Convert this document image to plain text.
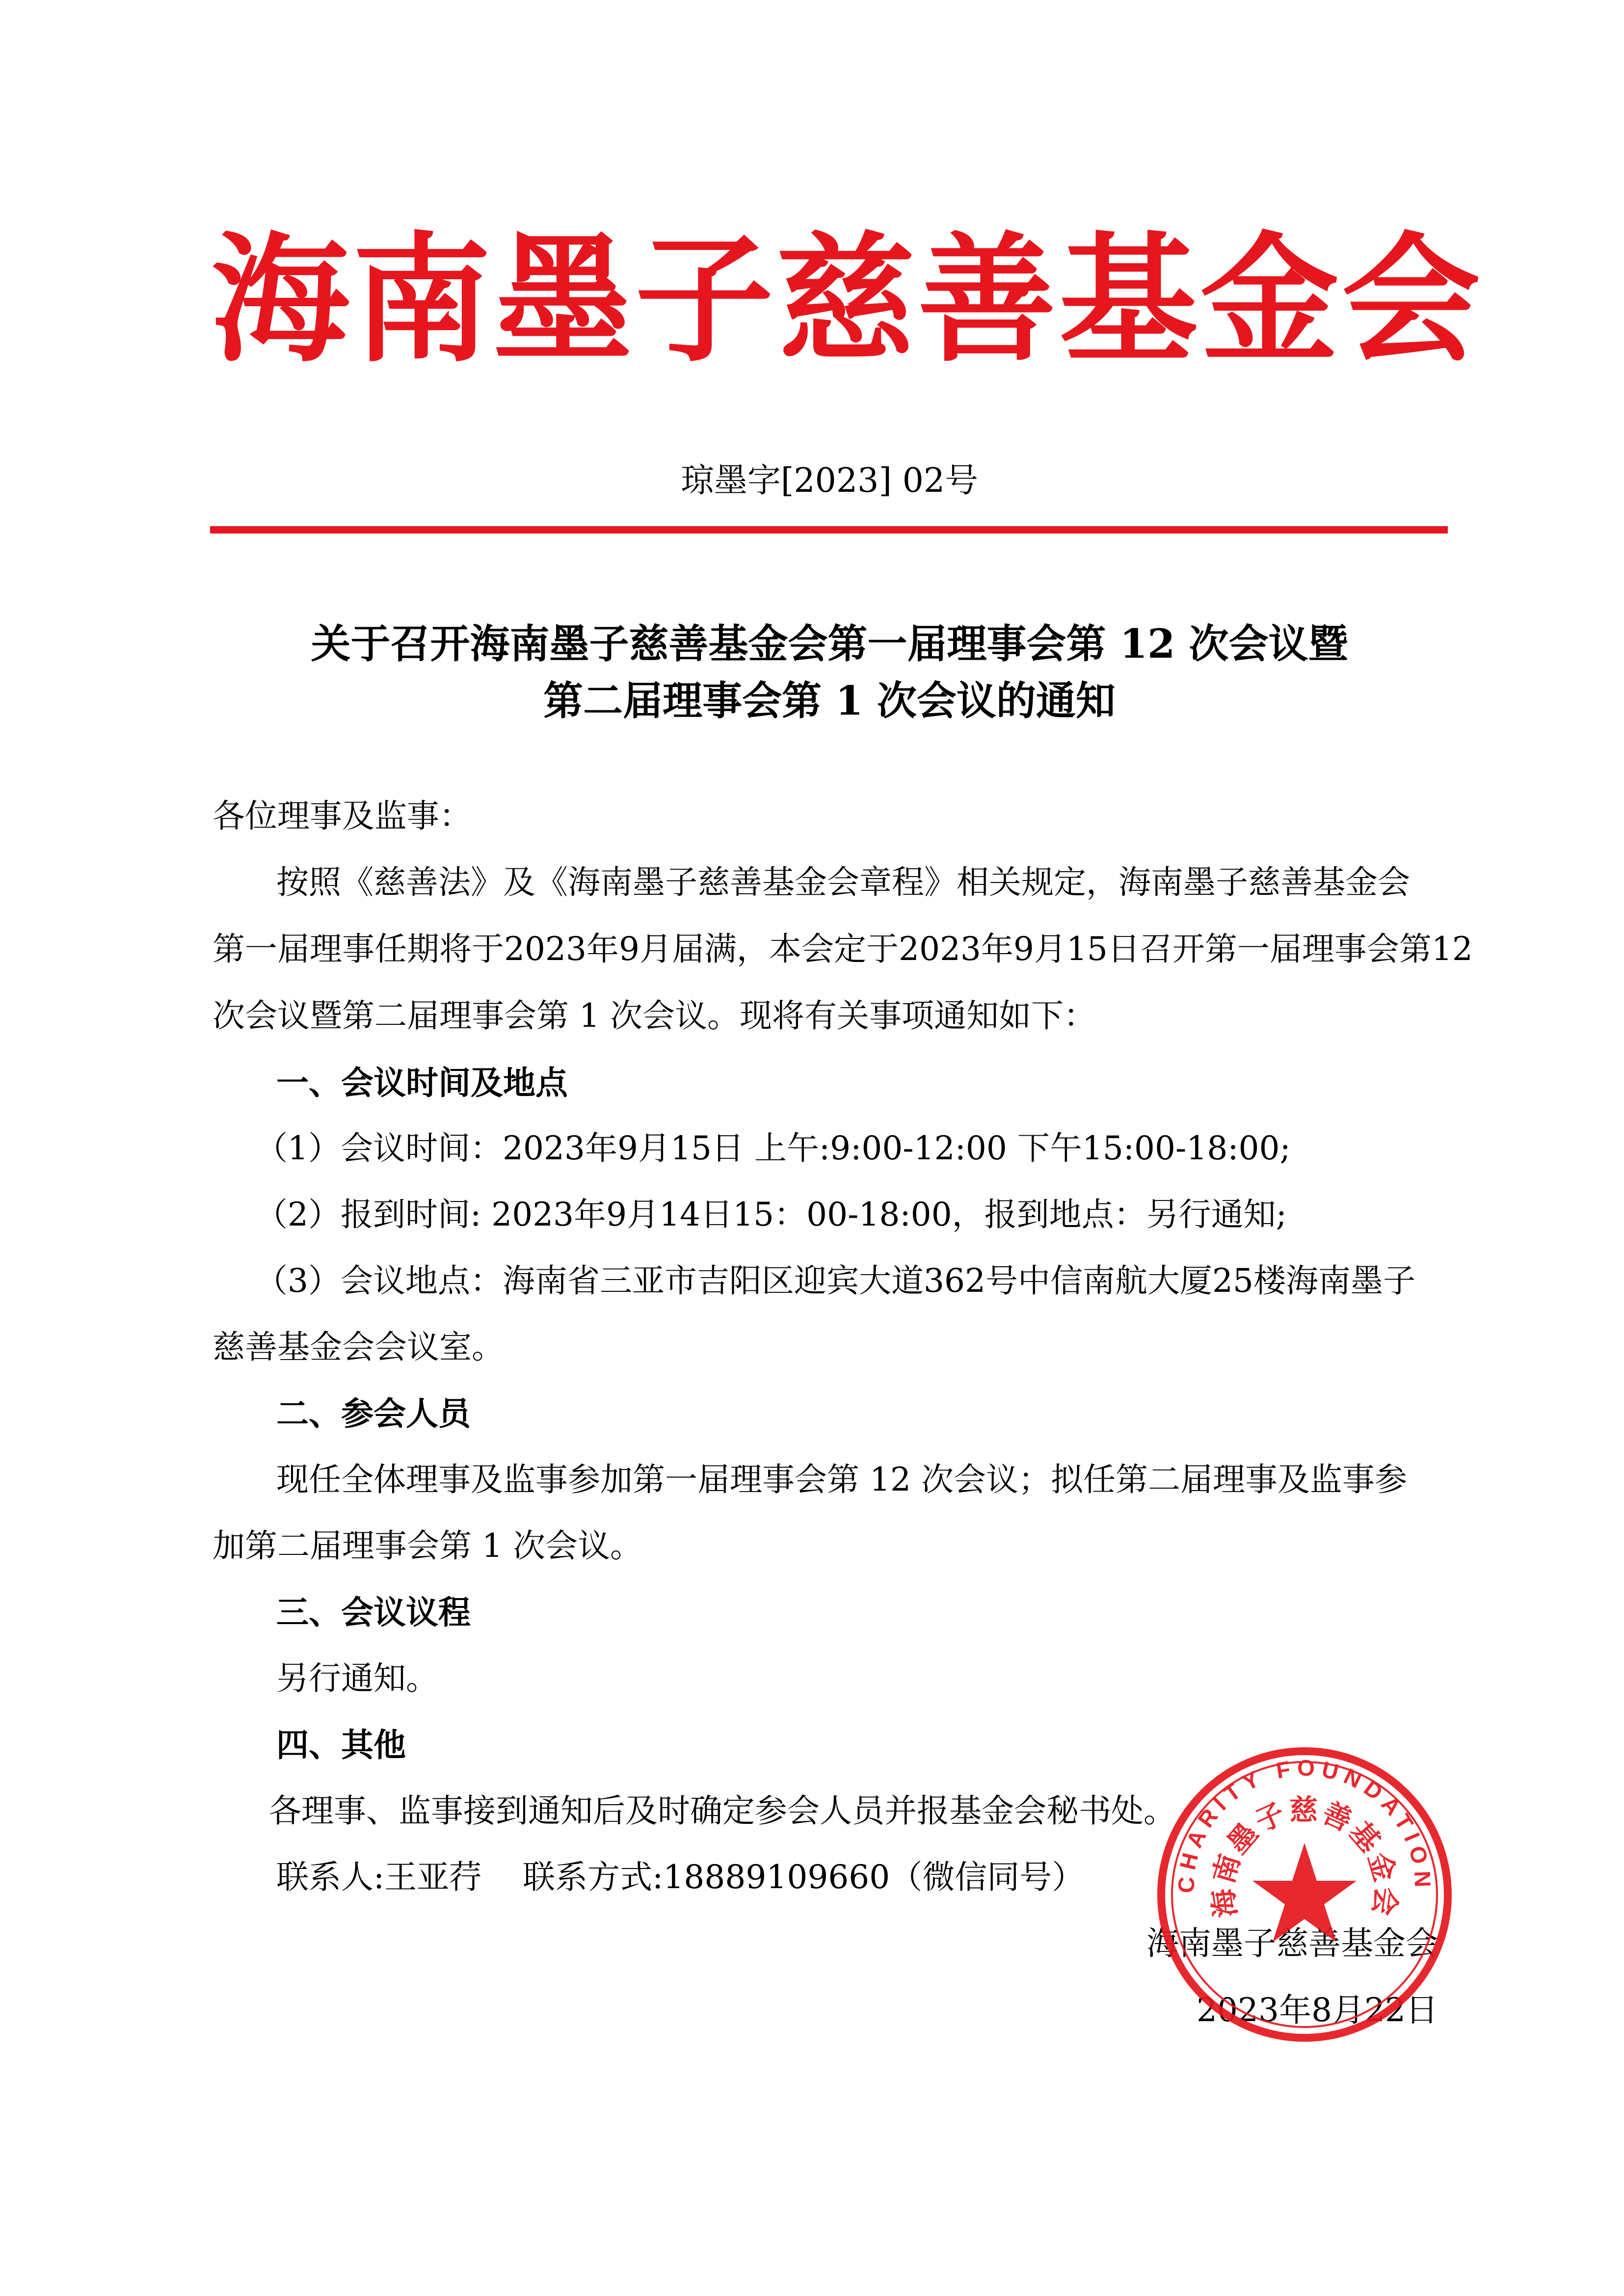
海南墨子慈善基金会
琼墨字[2023] 02号
关于召开海南墨子慈善基金会第一届理事会第 12 次会议暨
第二届理事会第 1 次会议的通知
各位理事及监事：
按照《慈善法》及《海南墨子慈善基金会章程》相关规定，海南墨子慈善基金会
第一届理事任期将于2023年9月届满，本会定于2023年9月15日召开第一届理事会第12
次会议暨第二届理事会第 1 次会议。现将有关事项通知如下：
一、会议时间及地点
（1）会议时间：2023年9月15日 上午:9:00-12:00 下午15:00-18:00;
（2）报到时间: 2023年9月14日15：00-18:00，报到地点：另行通知;
（3）会议地点：海南省三亚市吉阳区迎宾大道362号中信南航大厦25楼海南墨子
慈善基金会会议室。
二、参会人员
现任全体理事及监事参加第一届理事会第 12 次会议；拟任第二届理事及监事参
加第二届理事会第 1 次会议。
三、会议议程
另行通知。
四、其他
各理事、监事接到通知后及时确定参会人员并报基金会秘书处。
联系人:王亚荇    联系方式:18889109660（微信同号）
海南墨子慈善基金会
2023年8月22日
CHARITY FOUNDATION
海南墨子慈善基金会
